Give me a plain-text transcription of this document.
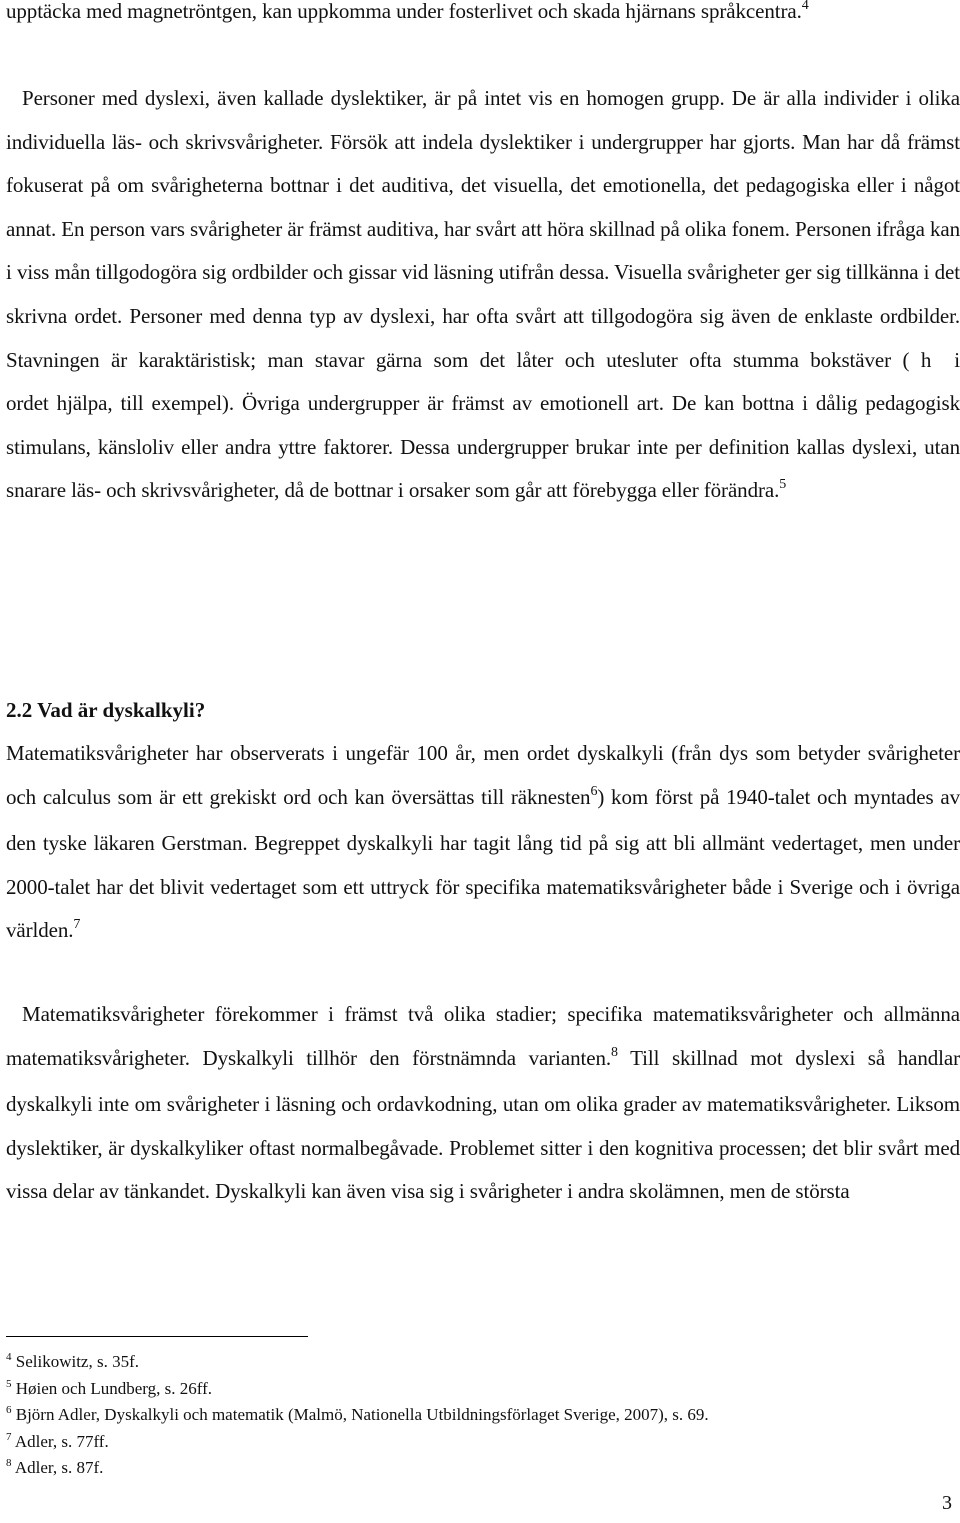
upptäcka med magnetröntgen, kan uppkomma under fosterlivet och skada hjärnans språkcentra.$^4$

Personer med dyslexi, även kallade dyslektiker, är på intet vis en homogen grupp. De är alla individer i olika individuella läs- och skrivsvårigheter. Försök att indela dyslektiker i undergrupper har gjorts. Man har då främst fokuserat på om svårigheterna bottnar i det auditiva, det visuella, det emotionella, det pedagogiska eller i något annat. En person vars svårigheter är främst auditiva, har svårt att höra skillnad på olika fonem. Personen ifråga kan i viss mån tillgodogöra sig ordbilder och gissar vid läsning utifrån dessa. Visuella svårigheter ger sig tillkänna i det skrivna ordet. Personer med denna typ av dyslexi, har ofta svårt att tillgodogöra sig även de enklaste ordbilder. Stavningen är karaktäristisk; man stavar gärna som det låter och utesluter ofta stumma bokstäver ( h i ordet hjälpa, till exempel). Övriga undergrupper är främst av emotionell art. De kan bottna i dålig pedagogisk stimulans, känsloliv eller andra yttre faktorer. Dessa undergrupper brukar inte per definition kallas dyslexi, utan snarare läs- och skrivsvårigheter, då de bottnar i orsaker som går att förebygga eller förändra.$^5$

2.2 Vad är dyskalkyli?

Matematiksvårigheter har observerats i ungefär 100 år, men ordet dyskalkyli (från dys som betyder svårigheter och calculus som är ett grekiskt ord och kan översättas till räknesten$^6$) kom först på 1940-talet och myntades av den tyske läkaren Gerstman. Begreppet dyskalkyli har tagit lång tid på sig att bli allmänt vedertaget, men under 2000-talet har det blivit vedertaget som ett uttryck för specifika matematiksvårigheter både i Sverige och i övriga världen.$^7$

Matematiksvårigheter förekommer i främst två olika stadier; specifika matematiksvårigheter och allmänna matematiksvårigheter. Dyskalkyli tillhör den förstnämnda varianten.$^8$ Till skillnad mot dyslexi så handlar dyskalkyli inte om svårigheter i läsning och ordavkodning, utan om olika grader av matematiksvårigheter. Liksom dyslektiker, är dyskalkyliker oftast normalbegåvade. Problemet sitter i den kognitiva processen; det blir svårt med vissa delar av tänkandet. Dyskalkyli kan även visa sig i svårigheter i andra skolämnen, men de största

$^4$ Selikowitz, s. 35f.
$^5$ Høien och Lundberg, s. 26ff.
$^6$ Björn Adler, Dyskalkyli och matematik (Malmö, Nationella Utbildningsförlaget Sverige, 2007), s. 69.
$^7$ Adler, s. 77ff.
$^8$ Adler, s. 87f.
3
